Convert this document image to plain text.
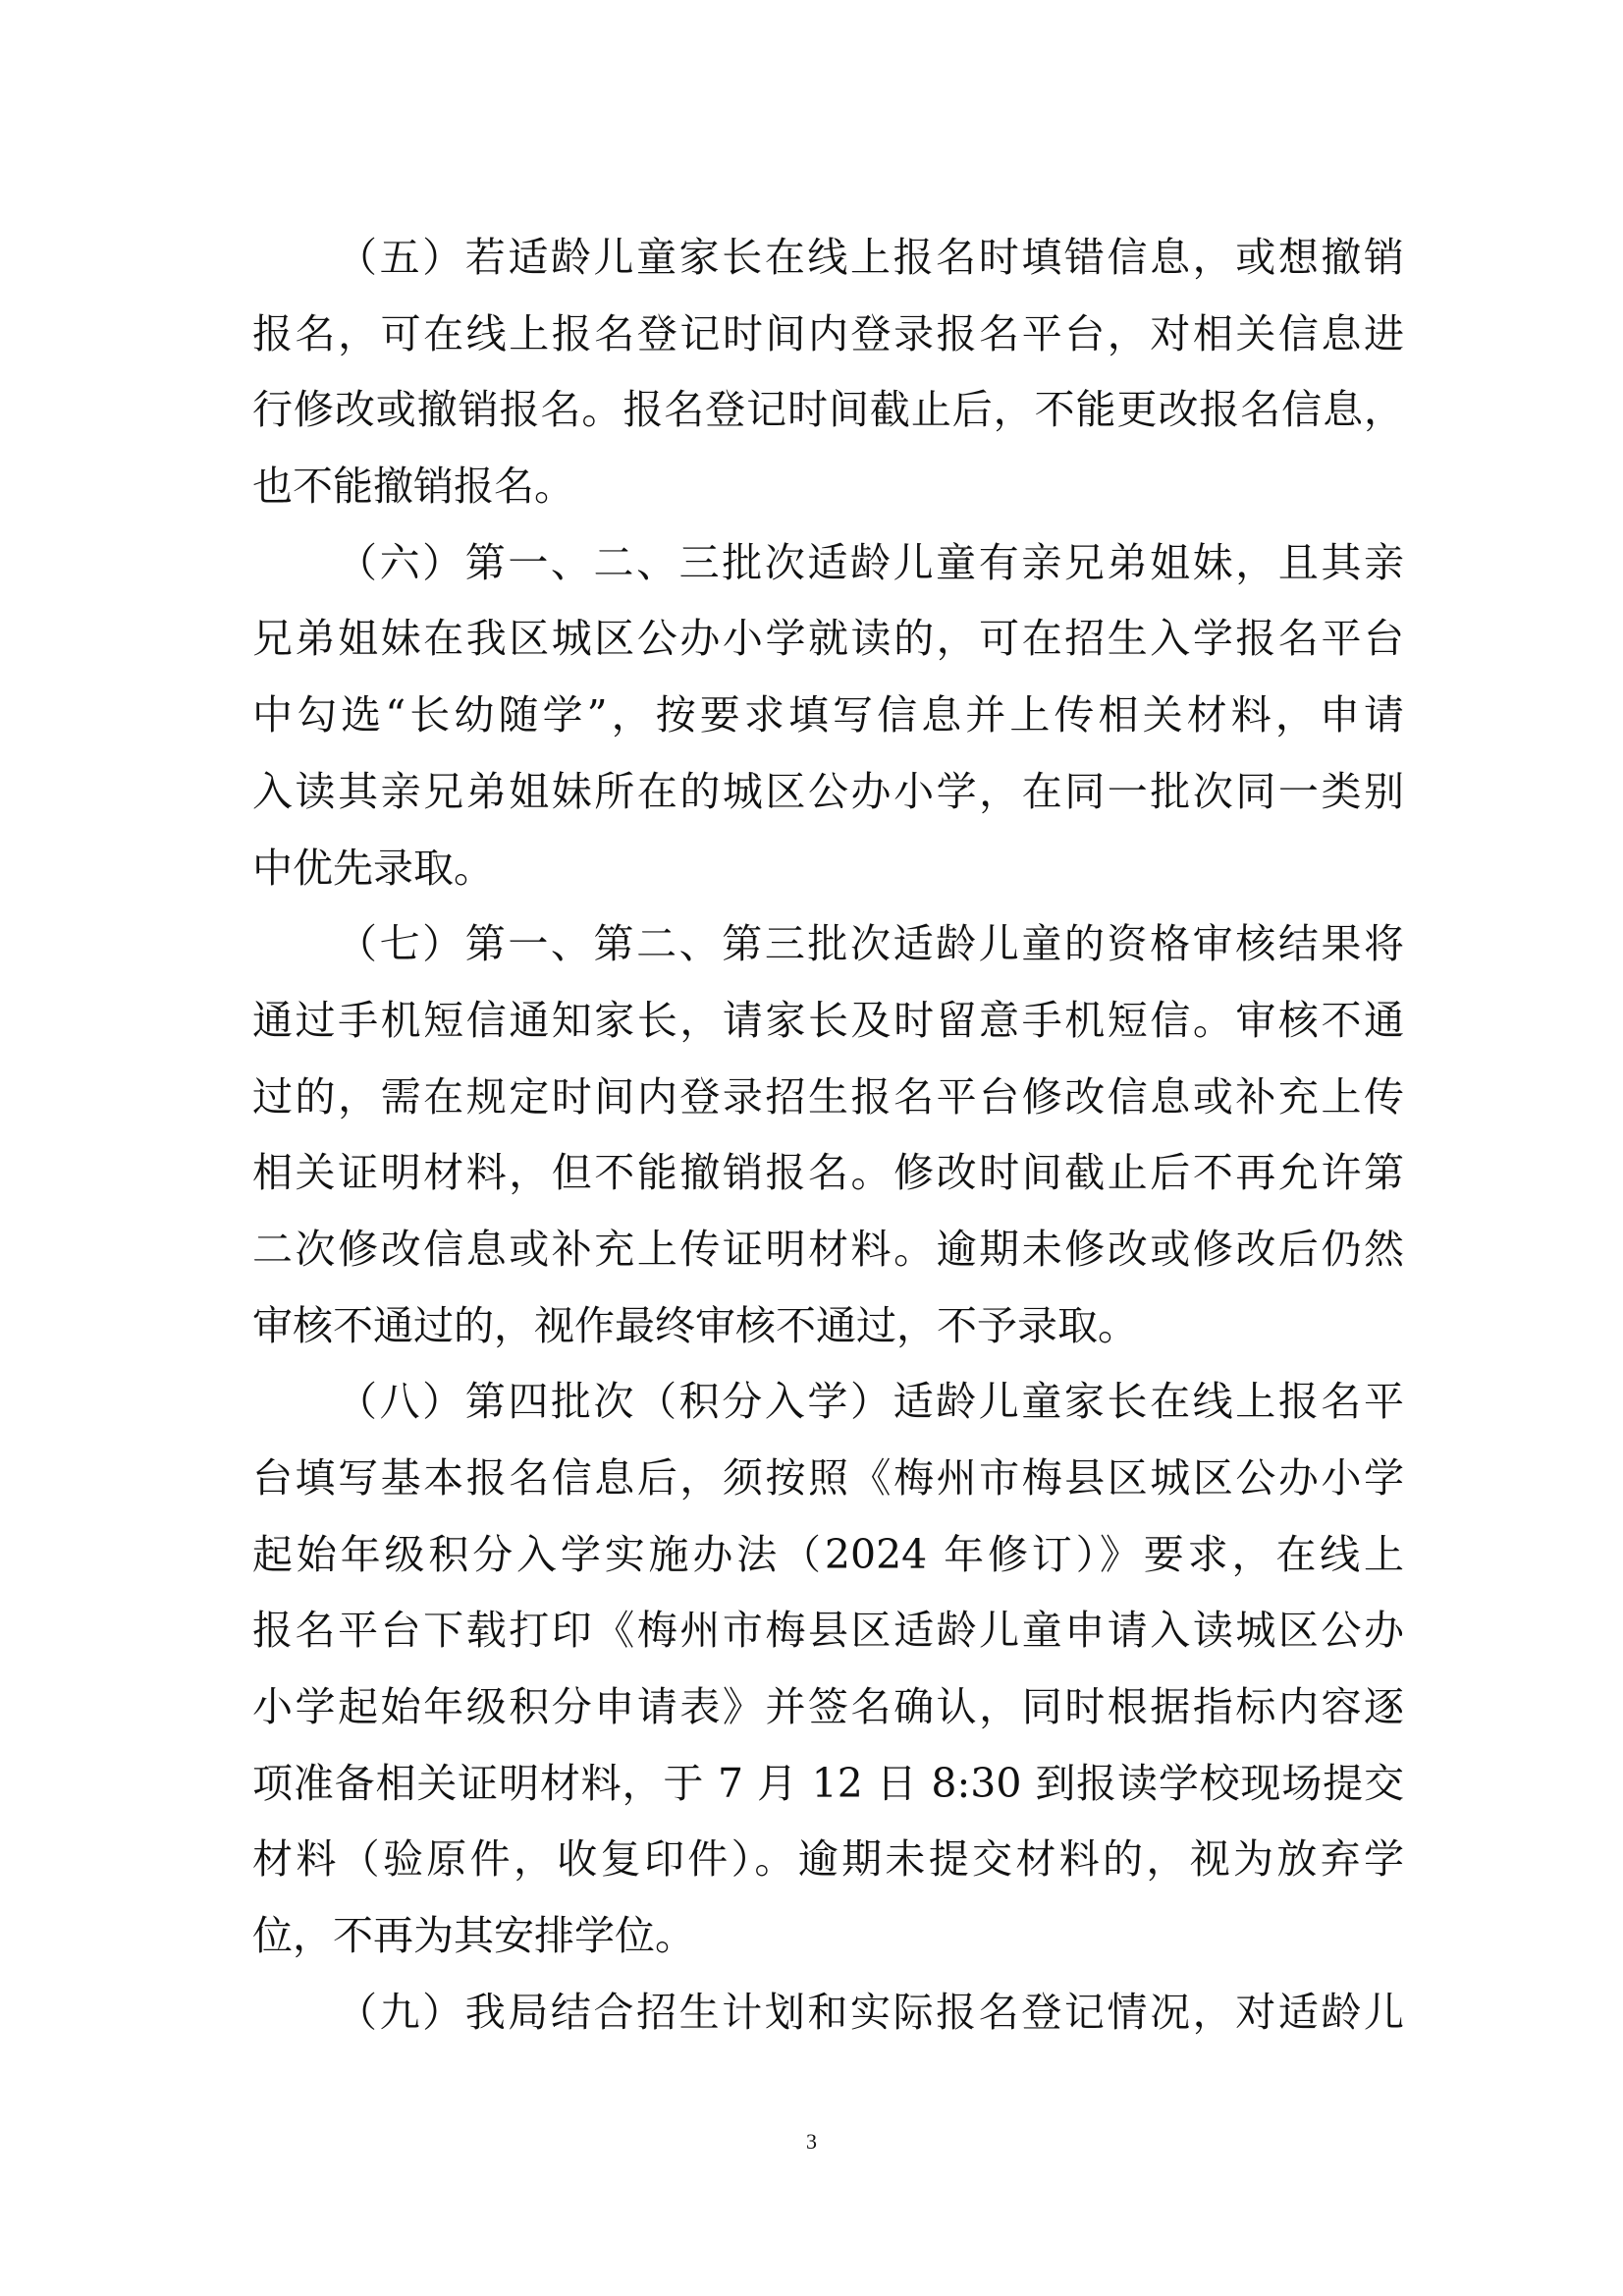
（五）若适龄儿童家长在线上报名时填错信息，或想撤销
报名，可在线上报名登记时间内登录报名平台，对相关信息进
行修改或撤销报名。报名登记时间截止后，不能更改报名信息，
也不能撤销报名。
（六）第一、二、三批次适龄儿童有亲兄弟姐妹，且其亲
兄弟姐妹在我区城区公办小学就读的，可在招生入学报名平台
中勾选“长幼随学”，按要求填写信息并上传相关材料，申请
入读其亲兄弟姐妹所在的城区公办小学，在同一批次同一类别
中优先录取。
（七）第一、第二、第三批次适龄儿童的资格审核结果将
通过手机短信通知家长，请家长及时留意手机短信。审核不通
过的，需在规定时间内登录招生报名平台修改信息或补充上传
相关证明材料，但不能撤销报名。修改时间截止后不再允许第
二次修改信息或补充上传证明材料。逾期未修改或修改后仍然
审核不通过的，视作最终审核不通过，不予录取。
（八）第四批次（积分入学）适龄儿童家长在线上报名平
台填写基本报名信息后，须按照《梅州市梅县区城区公办小学
起始年级积分入学实施办法（2024 年修订）》要求，在线上
报名平台下载打印《梅州市梅县区适龄儿童申请入读城区公办
小学起始年级积分申请表》并签名确认，同时根据指标内容逐
项准备相关证明材料，于 7 月 12 日 8:30 到报读学校现场提交
材料（验原件，收复印件）。逾期未提交材料的，视为放弃学
位，不再为其安排学位。
（九）我局结合招生计划和实际报名登记情况，对适龄儿
3
